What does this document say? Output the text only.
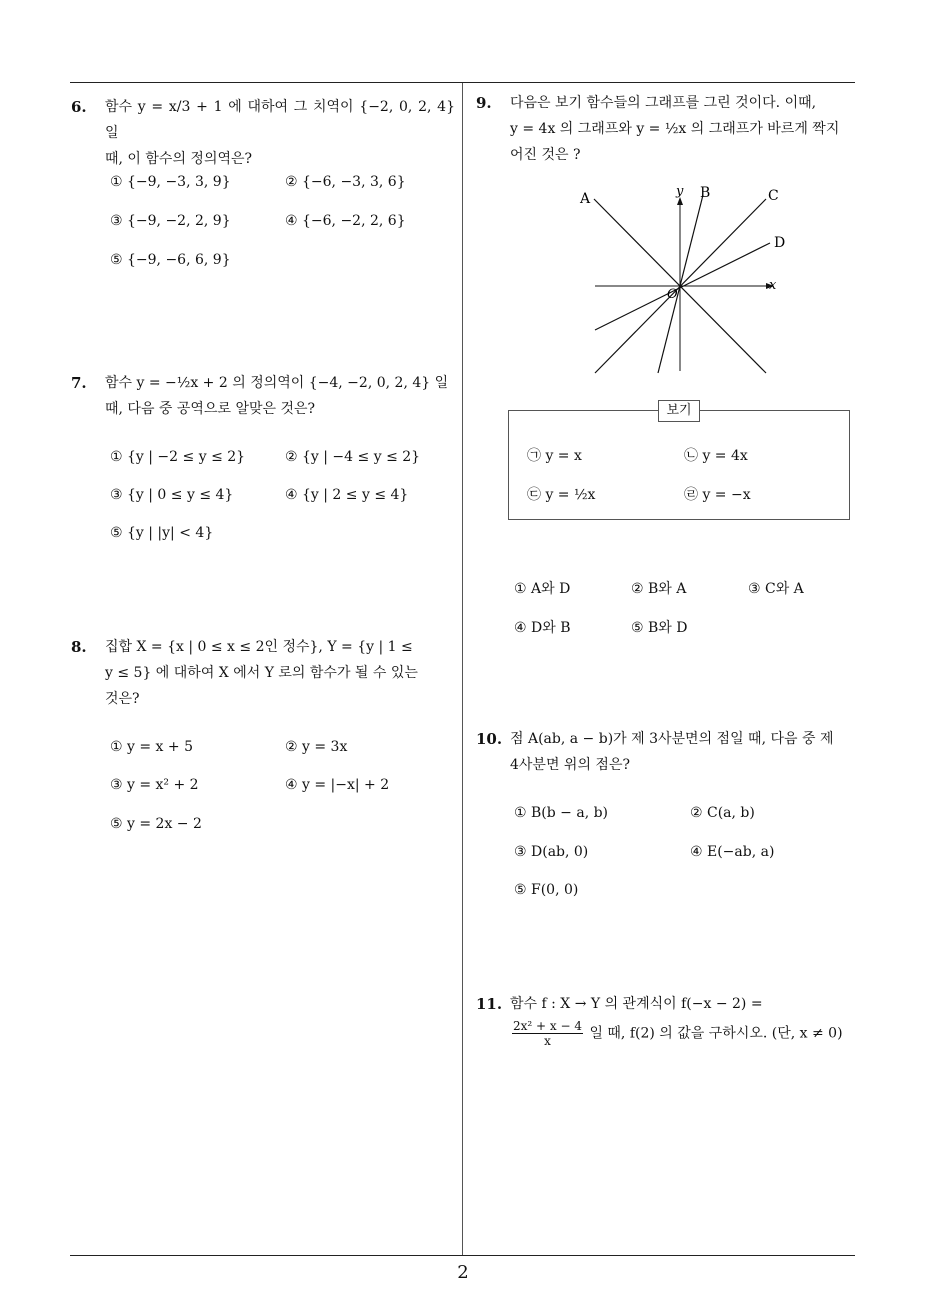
2
6. 함수 y = x/3 + 1 에 대하여 그 치역이 {−2, 0, 2, 4} 일
때, 이 함수의 정의역은?
① {−9, −3, 3, 9}	② {−6, −3, 3, 6}
③ {−9, −2, 2, 9}	④ {−6, −2, 2, 6}
⑤ {−9, −6, 6, 9}
7. 함수 y = −½x + 2 의 정의역이 {−4, −2, 0, 2, 4} 일
때, 다음 중 공역으로 알맞은 것은?
① {y | −2 ≤ y ≤ 2}	② {y | −4 ≤ y ≤ 2}
③ {y | 0 ≤ y ≤ 4}	④ {y | 2 ≤ y ≤ 4}
⑤ {y | |y| < 4}
8. 집합 X = {x | 0 ≤ x ≤ 2인 정수}, Y = {y | 1 ≤
y ≤ 5} 에 대하여 X 에서 Y 로의 함수가 될 수 있는
것은?
① y = x + 5	② y = 3x
③ y = x² + 2	④ y = |−x| + 2
⑤ y = 2x − 2
9. 다음은 보기 함수들의 그래프를 그린 것이다. 이때,
y = 4x 의 그래프와 y = ½x 의 그래프가 바르게 짝지
어진 것은 ?
A	B	C
D
y
x
O
보기
㉠ y = x	㉡ y = 4x
㉢ y = ½x	㉣ y = −x
① A와 D	② B와 A	③ C와 A
④ D와 B	⑤ B와 D
10. 점 A(ab, a − b)가 제 3사분면의 점일 때, 다음 중 제
4사분면 위의 점은?
① B(b − a, b)	② C(a, b)
③ D(ab, 0)	④ E(−ab, a)
⑤ F(0, 0)
11. 함수 f : X → Y 의 관계식이 f(−x − 2) =
$\frac{\text{2x² + x − 4}}{x}$ 일 때, f(2) 의 값을 구하시오. (단, x ≠ 0)
